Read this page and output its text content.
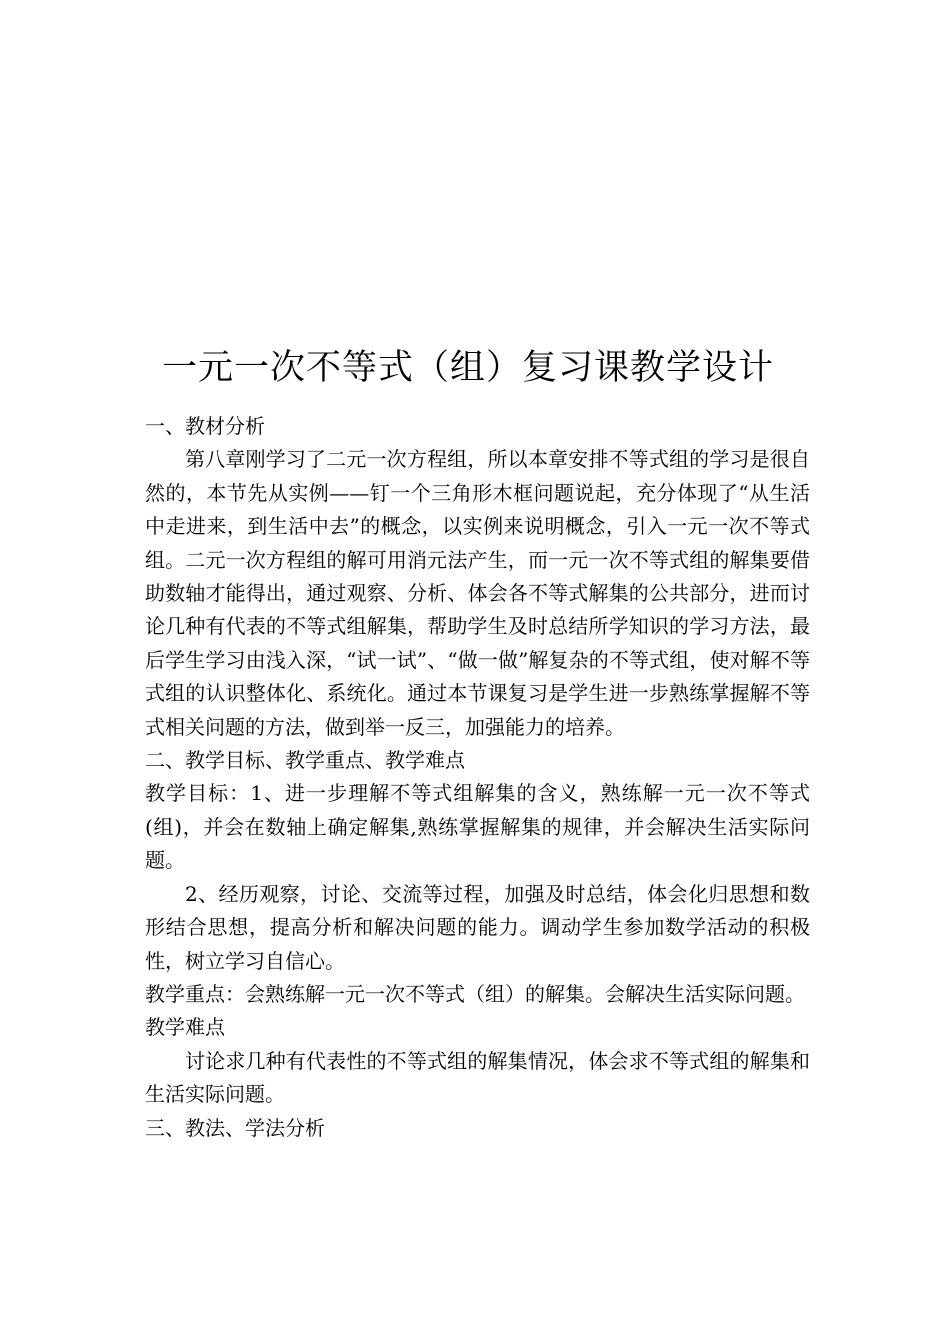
一元一次不等式（组）复习课教学设计

一、教材分析

第八章刚学习了二元一次方程组，所以本章安排不等式组的学习是很自然的，本节先从实例——钉一个三角形木框问题说起，充分体现了“从生活中走进来，到生活中去”的概念，以实例来说明概念，引入一元一次不等式组。二元一次方程组的解可用消元法产生，而一元一次不等式组的解集要借助数轴才能得出，通过观察、分析、体会各不等式解集的公共部分，进而讨论几种有代表的不等式组解集，帮助学生及时总结所学知识的学习方法，最后学生学习由浅入深，“试一试”、“做一做”解复杂的不等式组，使对解不等式组的认识整体化、系统化。通过本节课复习是学生进一步熟练掌握解不等式相关问题的方法，做到举一反三，加强能力的培养。

二、教学目标、教学重点、教学难点

教学目标：1、进一步理解不等式组解集的含义，熟练解一元一次不等式(组)，并会在数轴上确定解集,熟练掌握解集的规律，并会解决生活实际问题。

2、经历观察，讨论、交流等过程，加强及时总结，体会化归思想和数形结合思想，提高分析和解决问题的能力。调动学生参加数学活动的积极性，树立学习自信心。

教学重点：会熟练解一元一次不等式（组）的解集。会解决生活实际问题。

教学难点

讨论求几种有代表性的不等式组的解集情况，体会求不等式组的解集和生活实际问题。

三、教法、学法分析
